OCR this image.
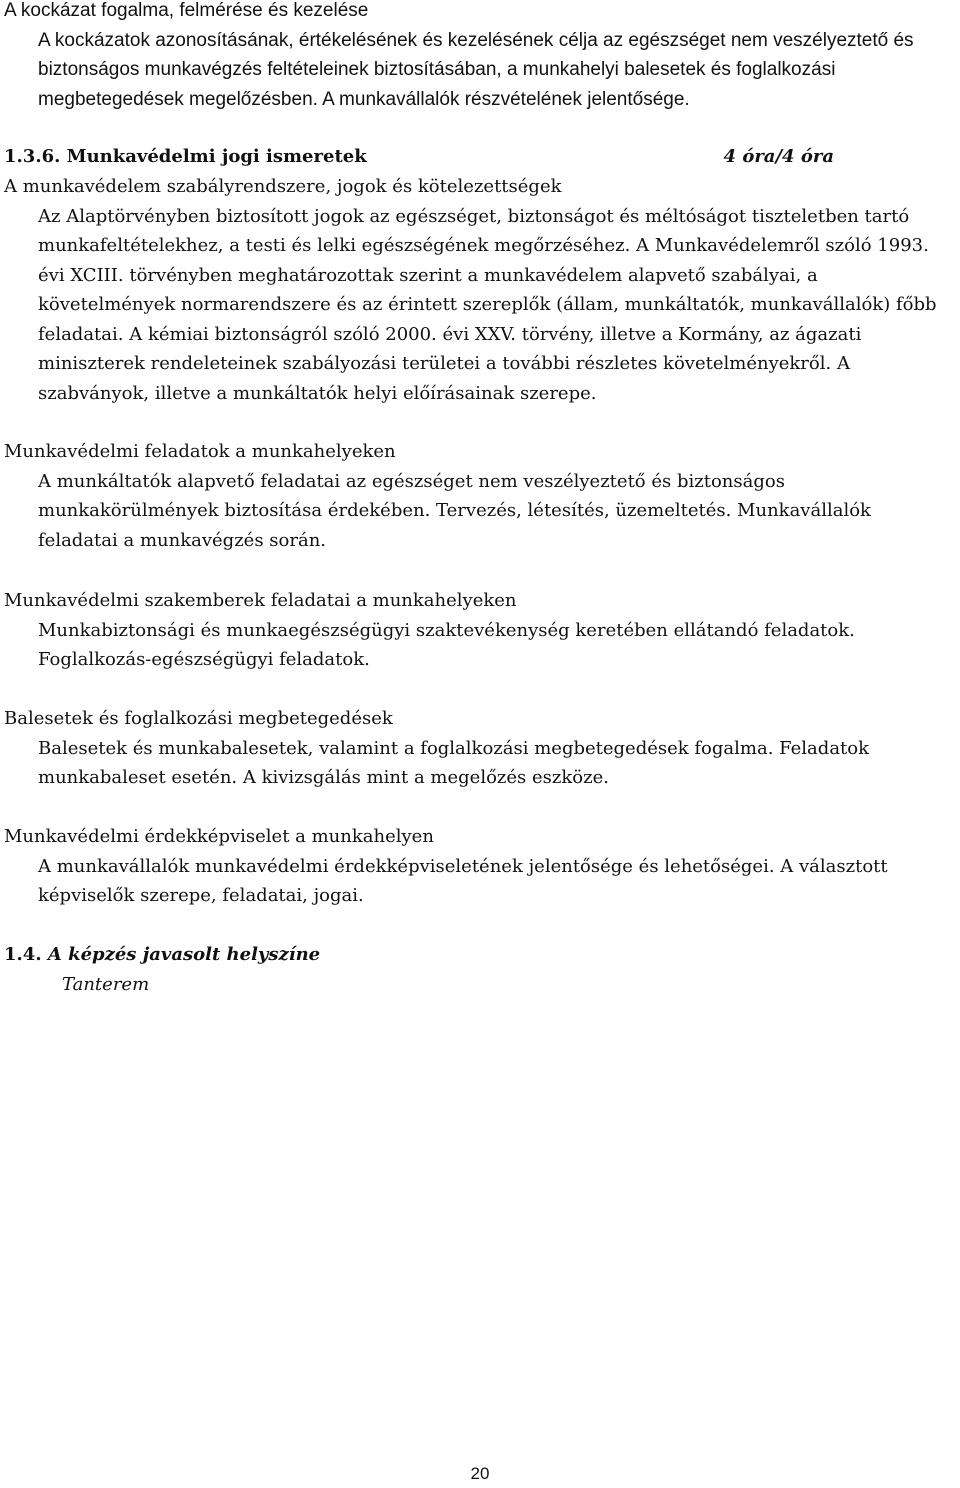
A kockázat fogalma, felmérése és kezelése

A kockázatok azonosításának, értékelésének és kezelésének célja az egészséget nem veszélyeztető és biztonságos munkavégzés feltételeinek biztosításában, a munkahelyi balesetek és foglalkozási megbetegedések megelőzésben. A munkavállalók részvételének jelentősége.

1.3.6. Munkavédelmi jogi ismeretek	4 óra/4 óra

A munkavédelem szabályrendszere, jogok és kötelezettségek

Az Alaptörvényben biztosított jogok az egészséget, biztonságot és méltóságot tiszteletben tartó munkafeltételekhez, a testi és lelki egészségének megőrzéséhez. A Munkavédelemről szóló 1993. évi XCIII. törvényben meghatározottak szerint a munkavédelem alapvető szabályai, a követelmények normarendszere és az érintett szereplők (állam, munkáltatók, munkavállalók) főbb feladatai. A kémiai biztonságról szóló 2000. évi XXV. törvény, illetve a Kormány, az ágazati miniszterek rendeleteinek szabályozási területei a további részletes követelményekről. A szabványok, illetve a munkáltatók helyi előírásainak szerepe.

Munkavédelmi feladatok a munkahelyeken

A munkáltatók alapvető feladatai az egészséget nem veszélyeztető és biztonságos munkakörülmények biztosítása érdekében. Tervezés, létesítés, üzemeltetés. Munkavállalók feladatai a munkavégzés során.

Munkavédelmi szakemberek feladatai a munkahelyeken

Munkabiztonsági és munkaegészségügyi szaktevékenység keretében ellátandó feladatok. Foglalkozás-egészségügyi feladatok.

Balesetek és foglalkozási megbetegedések

Balesetek és munkabalesetek, valamint a foglalkozási megbetegedések fogalma. Feladatok munkabaleset esetén. A kivizsgálás mint a megelőzés eszköze.

Munkavédelmi érdekképviselet a munkahelyen

A munkavállalók munkavédelmi érdekképviseletének jelentősége és lehetőségei. A választott képviselők szerepe, feladatai, jogai.

1.4. A képzés javasolt helyszíne
Tanterem
20
